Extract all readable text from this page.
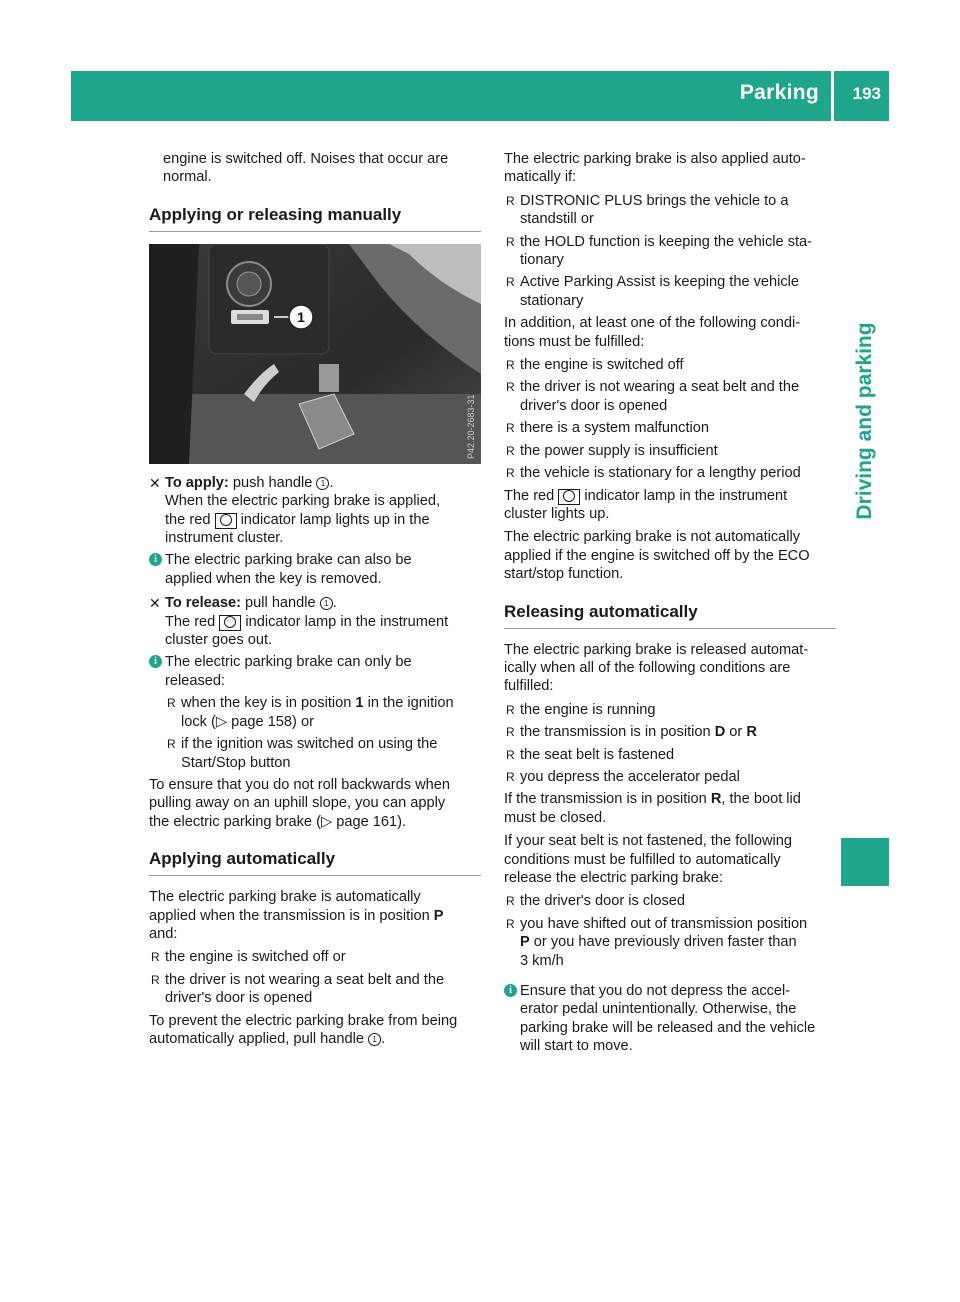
Parking 193
Driving and parking

engine is switched off. Noises that occur are
normal.

Applying or releasing manually
1
P42.20-2683-31
✕ To apply: push handle 1 .
When the electric parking brake is applied,
the red indicator lamp lights up in the
instrument cluster.
i The electric parking brake can also be
applied when the key is removed.
✕ To release: pull handle 1 .
The red indicator lamp in the instrument
cluster goes out.
i The electric parking brake can only be
released:
R when the key is in position 1 in the ignition
lock (▷ page 158) or
R if the ignition was switched on using the
Start/Stop button

To ensure that you do not roll backwards when
pulling away on an uphill slope, you can apply
the electric parking brake (▷ page 161).

Applying automatically

The electric parking brake is automatically
applied when the transmission is in position P
and:

R the engine is switched off or
R the driver is not wearing a seat belt and the
driver's door is opened

To prevent the electric parking brake from being
automatically applied, pull handle 1 .

The electric parking brake is also applied auto-
matically if:

R DISTRONIC PLUS brings the vehicle to a
standstill or
R the HOLD function is keeping the vehicle sta-
tionary
R Active Parking Assist is keeping the vehicle
stationary

In addition, at least one of the following condi-
tions must be fulfilled:

R the engine is switched off
R the driver is not wearing a seat belt and the
driver's door is opened
R there is a system malfunction
R the power supply is insufficient
R the vehicle is stationary for a lengthy period

The red indicator lamp in the instrument
cluster lights up.

The electric parking brake is not automatically
applied if the engine is switched off by the ECO
start/stop function.

Releasing automatically

The electric parking brake is released automat-
ically when all of the following conditions are
fulfilled:

R the engine is running
R the transmission is in position D or R
R the seat belt is fastened
R you depress the accelerator pedal

If the transmission is in position R, the boot lid
must be closed.

If your seat belt is not fastened, the following
conditions must be fulfilled to automatically
release the electric parking brake:

R the driver's door is closed
R you have shifted out of transmission position
P or you have previously driven faster than
3 km/h
i Ensure that you do not depress the accel-
erator pedal unintentionally. Otherwise, the
parking brake will be released and the vehicle
will start to move.
